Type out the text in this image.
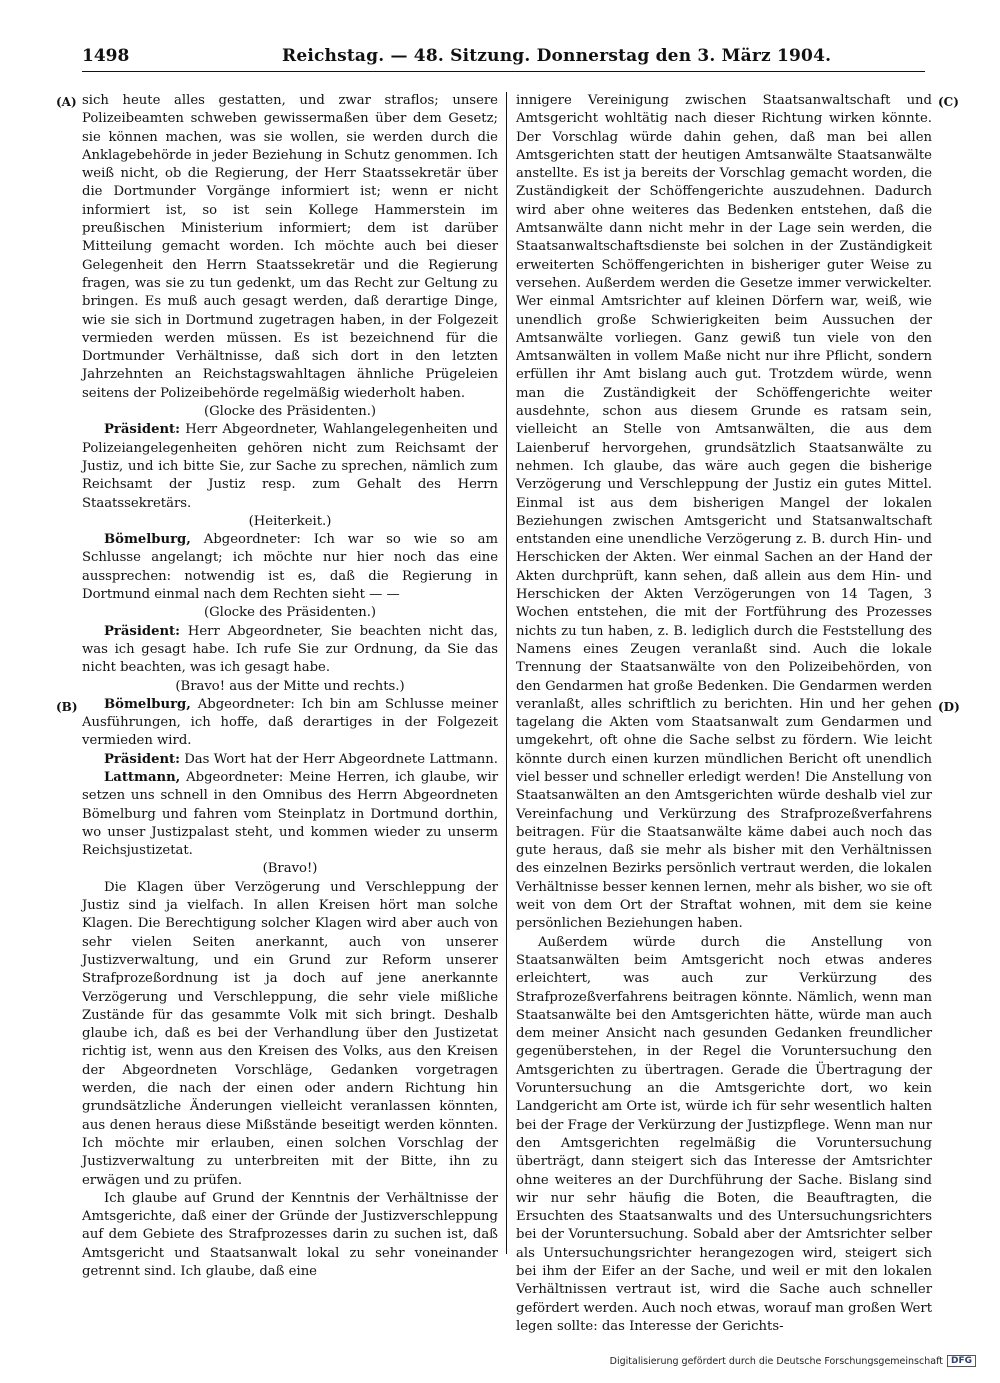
1498	Reichstag. — 48. Sitzung. Donnerstag den 3. März 1904.
(A)
(B)
(C)
(D)

sich heute alles gestatten, und zwar straflos; unsere Polizeibeamten schweben gewissermaßen über dem Gesetz; sie können machen, was sie wollen, sie werden durch die Anklagebehörde in jeder Beziehung in Schutz genommen. Ich weiß nicht, ob die Regierung, der Herr Staatssekretär über die Dortmunder Vorgänge informiert ist; wenn er nicht informiert ist, so ist sein Kollege Hammerstein im preußischen Ministerium informiert; dem ist darüber Mitteilung gemacht worden. Ich möchte auch bei dieser Gelegenheit den Herrn Staatssekretär und die Regierung fragen, was sie zu tun gedenkt, um das Recht zur Geltung zu bringen. Es muß auch gesagt werden, daß derartige Dinge, wie sie sich in Dortmund zugetragen haben, in der Folgezeit vermieden werden müssen. Es ist bezeichnend für die Dortmunder Verhältnisse, daß sich dort in den letzten Jahrzehnten an Reichstagswahltagen ähnliche Prügeleien seitens der Polizeibehörde regelmäßig wiederholt haben.

(Glocke des Präsidenten.)

Präsident: Herr Abgeordneter, Wahlangelegenheiten und Polizeiangelegenheiten gehören nicht zum Reichsamt der Justiz, und ich bitte Sie, zur Sache zu sprechen, nämlich zum Reichsamt der Justiz resp. zum Gehalt des Herrn Staatssekretärs.

(Heiterkeit.)

Bömelburg, Abgeordneter: Ich war so wie so am Schlusse angelangt; ich möchte nur hier noch das eine aussprechen: notwendig ist es, daß die Regierung in Dortmund einmal nach dem Rechten sieht — —

(Glocke des Präsidenten.)

Präsident: Herr Abgeordneter, Sie beachten nicht das, was ich gesagt habe. Ich rufe Sie zur Ordnung, da Sie das nicht beachten, was ich gesagt habe.

(Bravo! aus der Mitte und rechts.)

Bömelburg, Abgeordneter: Ich bin am Schlusse meiner Ausführungen, ich hoffe, daß derartiges in der Folgezeit vermieden wird.

Präsident: Das Wort hat der Herr Abgeordnete Lattmann.

Lattmann, Abgeordneter: Meine Herren, ich glaube, wir setzen uns schnell in den Omnibus des Herrn Abgeordneten Bömelburg und fahren vom Steinplatz in Dortmund dorthin, wo unser Justizpalast steht, und kommen wieder zu unserm Reichsjustizetat.

(Bravo!)

Die Klagen über Verzögerung und Verschleppung der Justiz sind ja vielfach. In allen Kreisen hört man solche Klagen. Die Berechtigung solcher Klagen wird aber auch von sehr vielen Seiten anerkannt, auch von unserer Justizverwaltung, und ein Grund zur Reform unserer Strafprozeßordnung ist ja doch auf jene anerkannte Verzögerung und Verschleppung, die sehr viele mißliche Zustände für das gesammte Volk mit sich bringt. Deshalb glaube ich, daß es bei der Verhandlung über den Justizetat richtig ist, wenn aus den Kreisen des Volks, aus den Kreisen der Abgeordneten Vorschläge, Gedanken vorgetragen werden, die nach der einen oder andern Richtung hin grundsätzliche Änderungen vielleicht veranlassen könnten, aus denen heraus diese Mißstände beseitigt werden könnten. Ich möchte mir erlauben, einen solchen Vorschlag der Justizverwaltung zu unterbreiten mit der Bitte, ihn zu erwägen und zu prüfen.

Ich glaube auf Grund der Kenntnis der Verhältnisse der Amtsgerichte, daß einer der Gründe der Justizverschleppung auf dem Gebiete des Strafprozesses darin zu suchen ist, daß Amtsgericht und Staatsanwalt lokal zu sehr voneinander getrennt sind. Ich glaube, daß eine

innigere Vereinigung zwischen Staatsanwaltschaft und Amtsgericht wohltätig nach dieser Richtung wirken könnte. Der Vorschlag würde dahin gehen, daß man bei allen Amtsgerichten statt der heutigen Amtsanwälte Staatsanwälte anstellte. Es ist ja bereits der Vorschlag gemacht worden, die Zuständigkeit der Schöffengerichte auszudehnen. Dadurch wird aber ohne weiteres das Bedenken entstehen, daß die Amtsanwälte dann nicht mehr in der Lage sein werden, die Staatsanwaltschaftsdienste bei solchen in der Zuständigkeit erweiterten Schöffengerichten in bisheriger guter Weise zu versehen. Außerdem werden die Gesetze immer verwickelter. Wer einmal Amtsrichter auf kleinen Dörfern war, weiß, wie unendlich große Schwierigkeiten beim Aussuchen der Amtsanwälte vorliegen. Ganz gewiß tun viele von den Amtsanwälten in vollem Maße nicht nur ihre Pflicht, sondern erfüllen ihr Amt bislang auch gut. Trotzdem würde, wenn man die Zuständigkeit der Schöffengerichte weiter ausdehnte, schon aus diesem Grunde es ratsam sein, vielleicht an Stelle von Amtsanwälten, die aus dem Laienberuf hervorgehen, grundsätzlich Staatsanwälte zu nehmen. Ich glaube, das wäre auch gegen die bisherige Verzögerung und Verschleppung der Justiz ein gutes Mittel. Einmal ist aus dem bisherigen Mangel der lokalen Beziehungen zwischen Amtsgericht und Statsanwaltschaft entstanden eine unendliche Verzögerung z. B. durch Hin- und Herschicken der Akten. Wer einmal Sachen an der Hand der Akten durchprüft, kann sehen, daß allein aus dem Hin- und Herschicken der Akten Verzögerungen von 14 Tagen, 3 Wochen entstehen, die mit der Fortführung des Prozesses nichts zu tun haben, z. B. lediglich durch die Feststellung des Namens eines Zeugen veranlaßt sind. Auch die lokale Trennung der Staatsanwälte von den Polizeibehörden, von den Gendarmen hat große Bedenken. Die Gendarmen werden veranlaßt, alles schriftlich zu berichten. Hin und her gehen tagelang die Akten vom Staatsanwalt zum Gendarmen und umgekehrt, oft ohne die Sache selbst zu fördern. Wie leicht könnte durch einen kurzen mündlichen Bericht oft unendlich viel besser und schneller erledigt werden! Die Anstellung von Staatsanwälten an den Amtsgerichten würde deshalb viel zur Vereinfachung und Verkürzung des Strafprozeßverfahrens beitragen. Für die Staatsanwälte käme dabei auch noch das gute heraus, daß sie mehr als bisher mit den Verhältnissen des einzelnen Bezirks persönlich vertraut werden, die lokalen Verhältnisse besser kennen lernen, mehr als bisher, wo sie oft weit von dem Ort der Straftat wohnen, mit dem sie keine persönlichen Beziehungen haben.

Außerdem würde durch die Anstellung von Staatsanwälten beim Amtsgericht noch etwas anderes erleichtert, was auch zur Verkürzung des Strafprozeßverfahrens beitragen könnte. Nämlich, wenn man Staatsanwälte bei den Amtsgerichten hätte, würde man auch dem meiner Ansicht nach gesunden Gedanken freundlicher gegenüberstehen, in der Regel die Voruntersuchung den Amtsgerichten zu übertragen. Gerade die Übertragung der Voruntersuchung an die Amtsgerichte dort, wo kein Landgericht am Orte ist, würde ich für sehr wesentlich halten bei der Frage der Verkürzung der Justizpflege. Wenn man nur den Amtsgerichten regelmäßig die Voruntersuchung überträgt, dann steigert sich das Interesse der Amtsrichter ohne weiteres an der Durchführung der Sache. Bislang sind wir nur sehr häufig die Boten, die Beauftragten, die Ersuchten des Staatsanwalts und des Untersuchungsrichters bei der Voruntersuchung. Sobald aber der Amtsrichter selber als Untersuchungsrichter herangezogen wird, steigert sich bei ihm der Eifer an der Sache, und weil er mit den lokalen Verhältnissen vertraut ist, wird die Sache auch schneller gefördert werden. Auch noch etwas, worauf man großen Wert legen sollte: das Interesse der Gerichts-

Digitalisierung gefördert durch die Deutsche Forschungsgemeinschaft DFG
